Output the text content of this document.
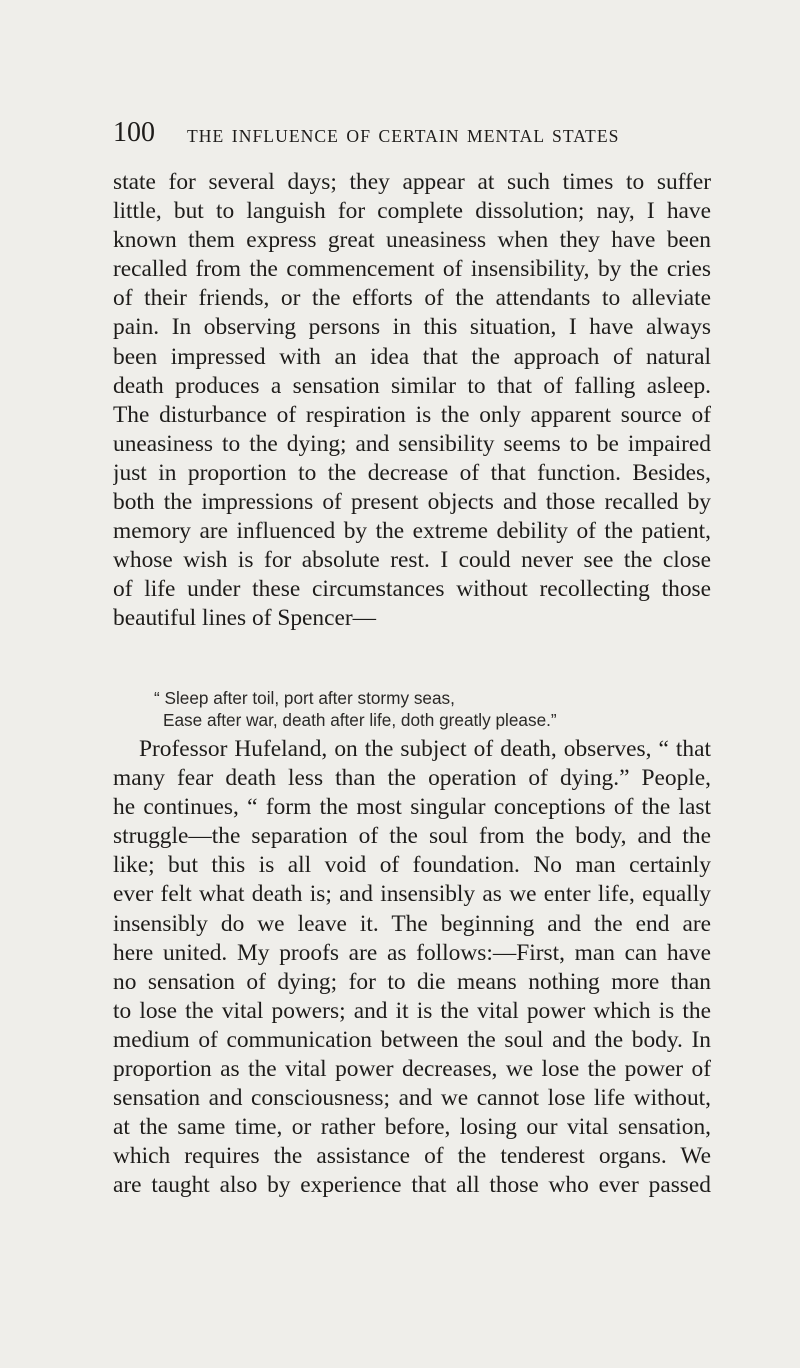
100 THE INFLUENCE OF CERTAIN MENTAL STATES
state for several days; they appear at such times to suffer
little, but to languish for complete dissolution; nay, I have
known them express great uneasiness when they have been
recalled from the commencement of insensibility, by the cries
of their friends, or the efforts of the attendants to alleviate
pain. In observing persons in this situation, I have always
been impressed with an idea that the approach of natural
death produces a sensation similar to that of falling asleep.
The disturbance of respiration is the only apparent source of
uneasiness to the dying; and sensibility seems to be impaired
just in proportion to the decrease of that function. Besides,
both the impressions of present objects and those recalled by
memory are influenced by the extreme debility of the patient,
whose wish is for absolute rest. I could never see the close
of life under these circumstances without recollecting those
beautiful lines of Spencer—
“ Sleep after toil, port after stormy seas,
Ease after war, death after life, doth greatly please.”
Professor Hufeland, on the subject of death, observes, “ that
many fear death less than the operation of dying.” People,
he continues, “ form the most singular conceptions of the last
struggle—the separation of the soul from the body, and the
like; but this is all void of foundation. No man certainly
ever felt what death is; and insensibly as we enter life, equally
insensibly do we leave it. The beginning and the end are
here united. My proofs are as follows:—First, man can have
no sensation of dying; for to die means nothing more than
to lose the vital powers; and it is the vital power which is the
medium of communication between the soul and the body. In
proportion as the vital power decreases, we lose the power of
sensation and consciousness; and we cannot lose life without,
at the same time, or rather before, losing our vital sensation,
which requires the assistance of the tenderest organs. We
are taught also by experience that all those who ever passed
